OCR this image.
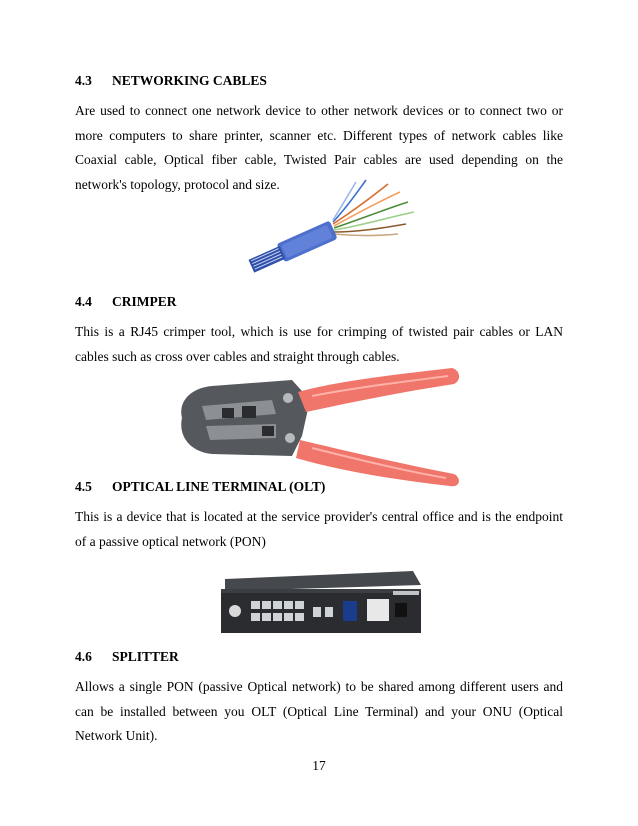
4.3	NETWORKING CABLES

Are used to connect one network device to other network devices or to connect two or more computers to share printer, scanner etc. Different types of network cables like Coaxial cable, Optical fiber cable, Twisted Pair cables are used depending on the network's topology, protocol and size.

4.4	CRIMPER

This is a RJ45 crimper tool, which is use for crimping of twisted pair cables or LAN cables such as cross over cables and straight through cables.

4.5	OPTICAL LINE TERMINAL (OLT)

This is a device that is located at the service provider's central office and is the endpoint of a passive optical network (PON)

4.6	SPLITTER

Allows a single PON (passive Optical network) to be shared among different users and can be installed between you OLT (Optical Line Terminal) and your ONU (Optical Network Unit).

17
